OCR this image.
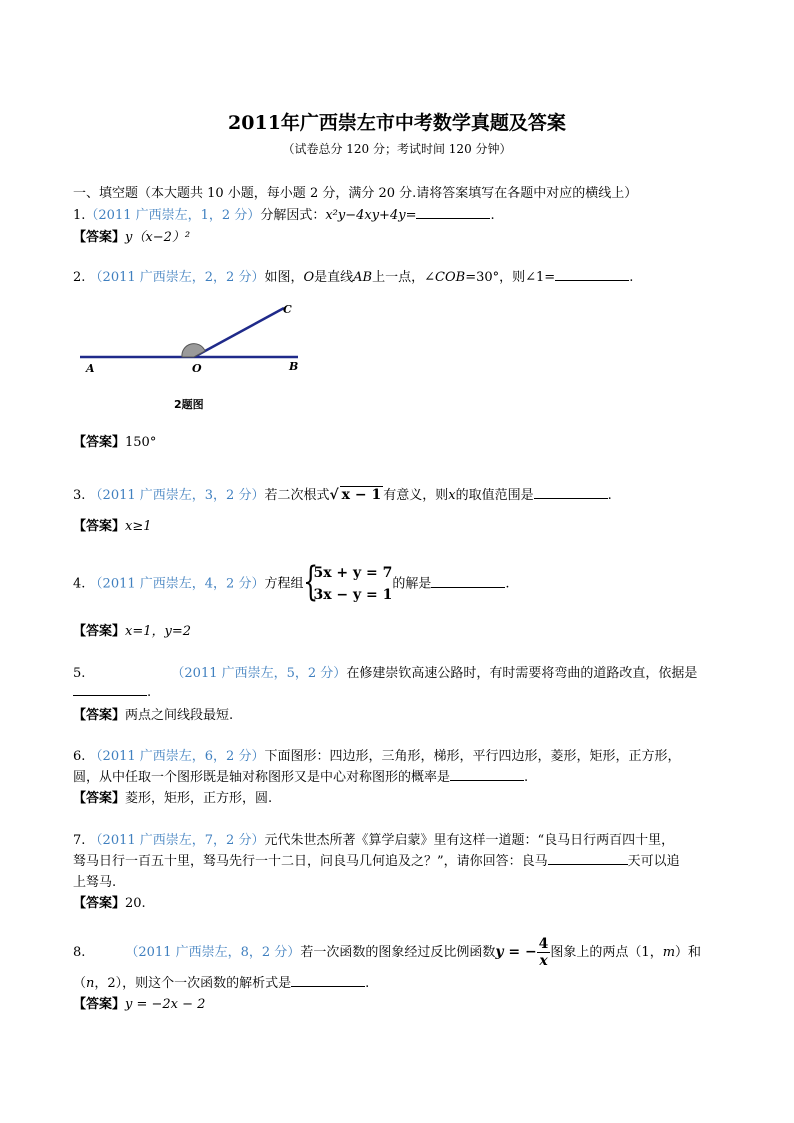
2011年广西崇左市中考数学真题及答案
（试卷总分 120 分；考试时间 120 分钟）
一、填空题（本大题共 10 小题，每小题 2 分，满分 20 分.请将答案填写在各题中对应的横线上）
1.（2011 广西崇左，1，2 分）分解因式：x²y−4xy+4y=	.
【答案】y（x−2）²
2. （2011 广西崇左，2，2 分）如图，O是直线AB上一点，∠COB=30°，则∠1=	.
A	O	B
C
2题图
【答案】150°
3. （2011 广西崇左，3，2 分）若二次根式√ x − 1 有意义，则x的取值范围是	.
【答案】x≥1
4. （2011 广西崇左，4，2 分）方程组 {
5x + y = 7
3x − y = 1
的解是	.
【答案】x=1，y=2
5.	（2011 广西崇左，5，2 分）在修建崇钦高速公路时，有时需要将弯曲的道路改直，依据是
.
【答案】两点之间线段最短.
6. （2011 广西崇左，6，2 分）下面图形：四边形，三角形，梯形，平行四边形，菱形，矩形，正方形，
圆，从中任取一个图形既是轴对称图形又是中心对称图形的概率是	.
【答案】菱形，矩形，正方形，圆.
7. （2011 广西崇左，7，2 分）元代朱世杰所著《算学启蒙》里有这样一道题：“良马日行两百四十里，
驽马日行一百五十里，驽马先行一十二日，问良马几何追及之？”，请你回答：良马	天可以追
上驽马.
【答案】20.
8.	（2011 广西崇左，8，2 分）若一次函数的图象经过反比例函数y = − $\frac{4}{x}$ 图象上的两点（1，m）和
（n，2），则这个一次函数的解析式是	.
【答案】y = −2x − 2
